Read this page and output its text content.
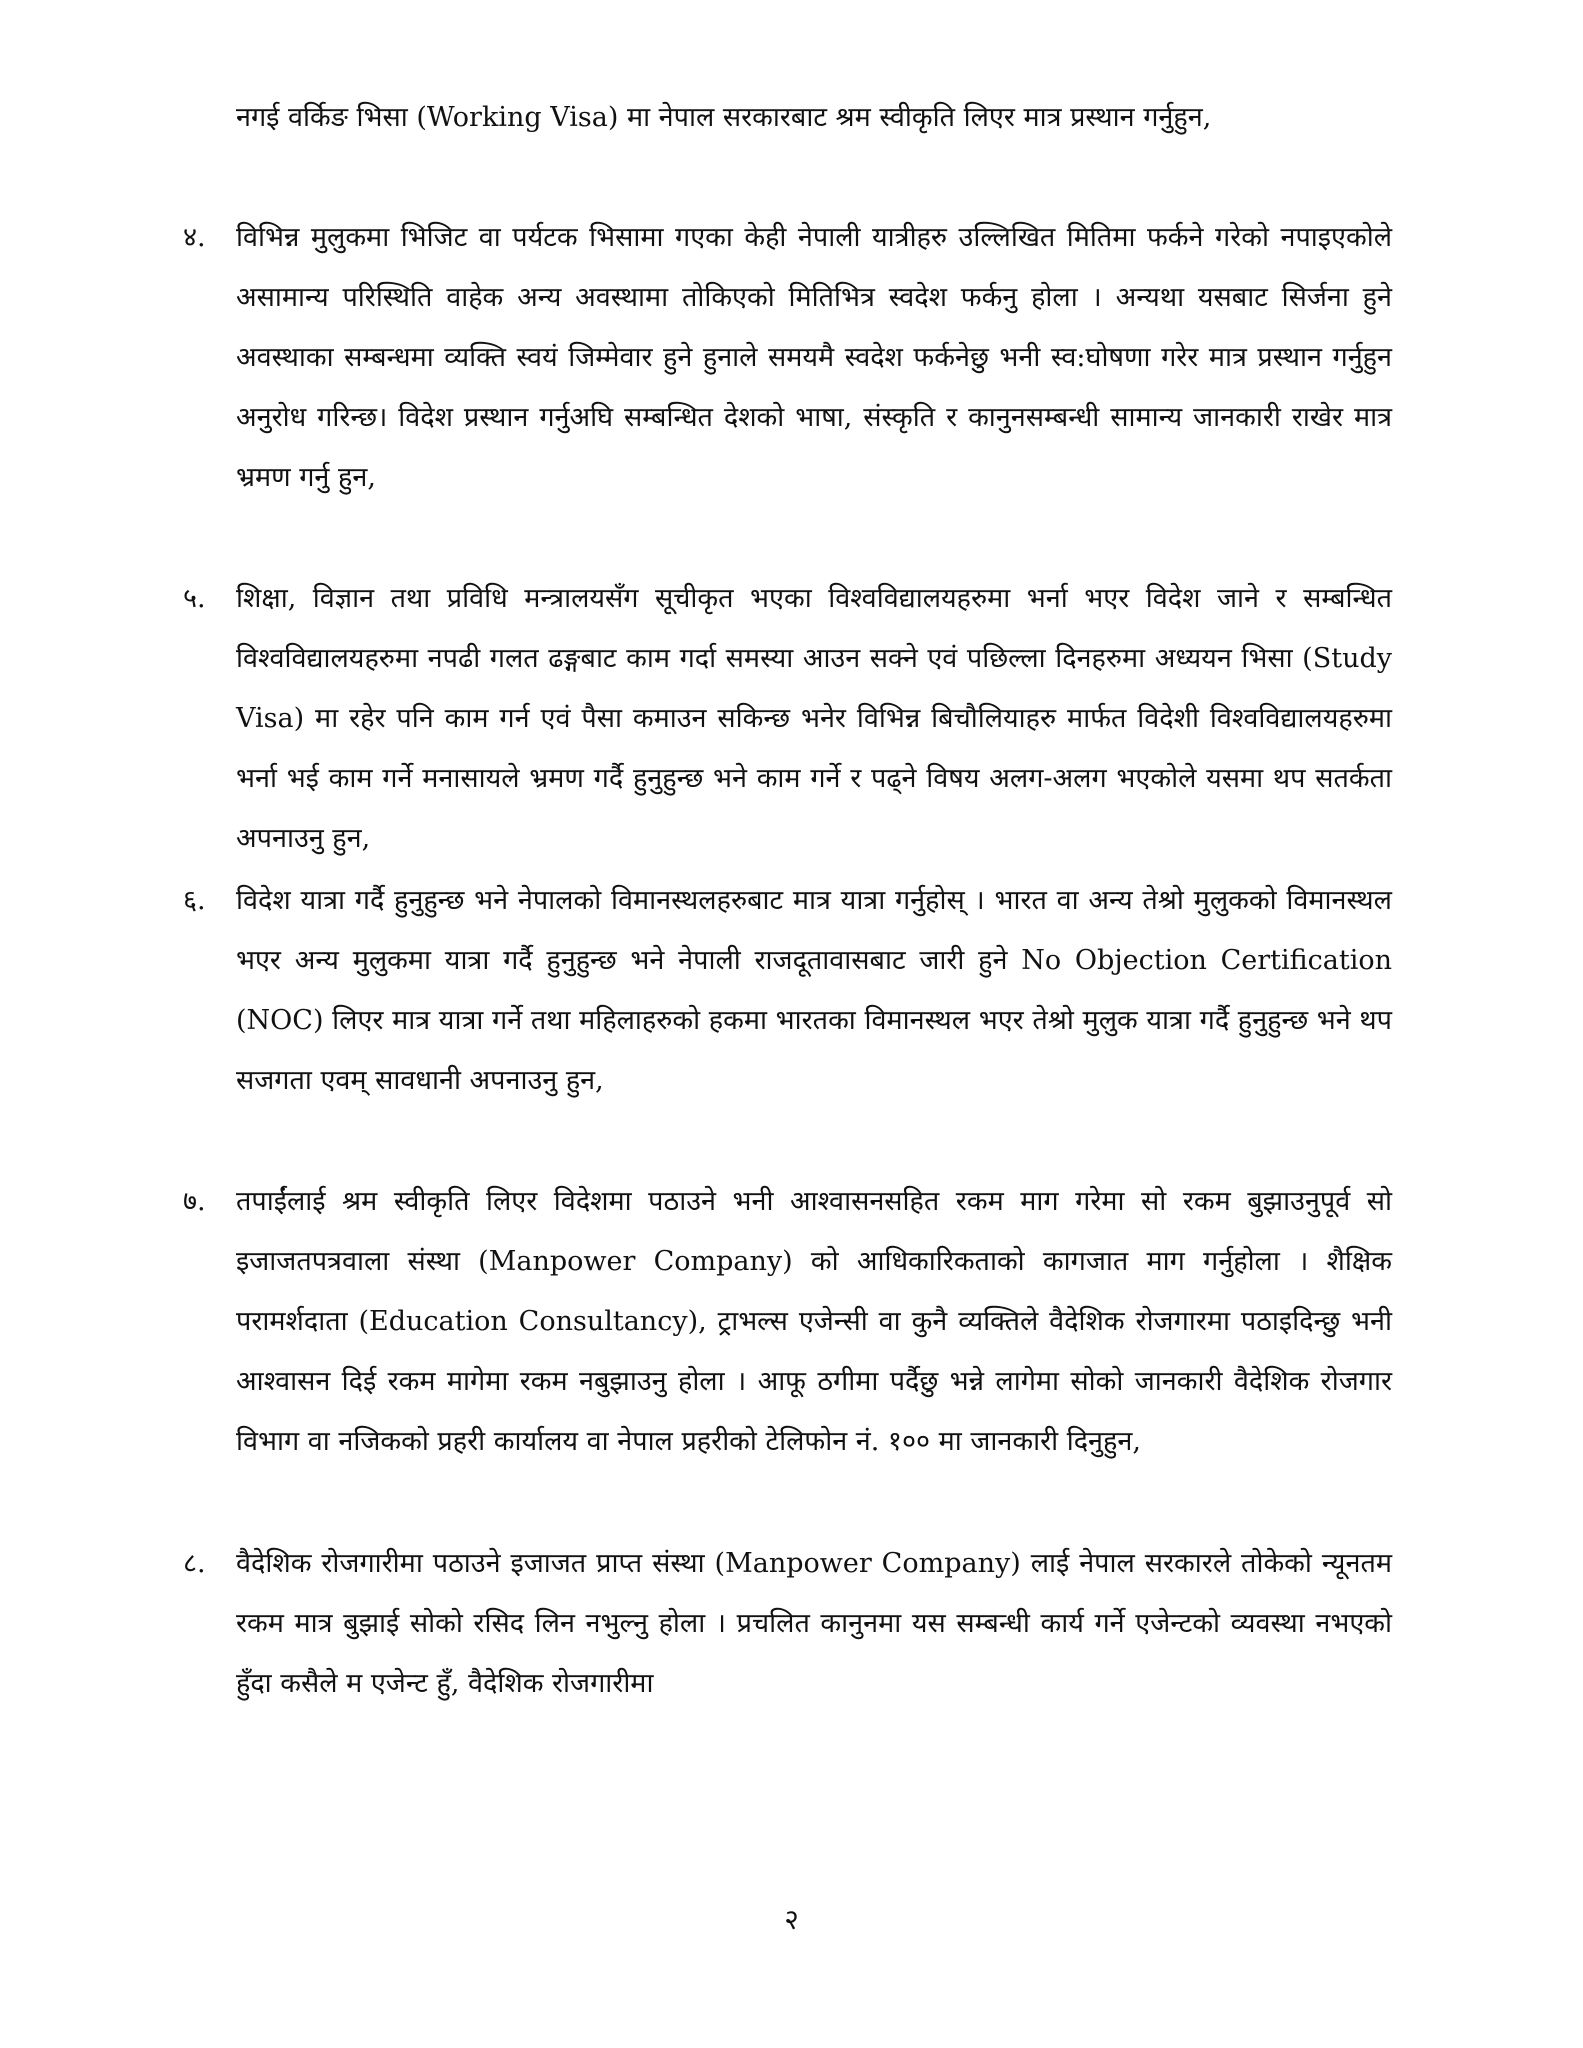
नगई वर्किङ भिसा (Working Visa) मा नेपाल सरकारबाट श्रम स्वीकृति लिएर मात्र प्रस्थान गर्नुहुन,

४.	विभिन्न मुलुकमा भिजिट वा पर्यटक भिसामा गएका केही नेपाली यात्रीहरु उल्लिखित मितिमा फर्कने गरेको नपाइएकोले असामान्य परिस्थिति वाहेक अन्य अवस्थामा तोकिएको मितिभित्र स्वदेश फर्कनु होला । अन्यथा यसबाट सिर्जना हुने अवस्थाका सम्बन्धमा व्यक्ति स्वयं जिम्मेवार हुने हुनाले समयमै स्वदेश फर्कनेछु भनी स्व:घोषणा गरेर मात्र प्रस्थान गर्नुहुन अनुरोध गरिन्छ। विदेश प्रस्थान गर्नुअघि सम्बन्धित देशको भाषा, संस्कृति र कानुनसम्बन्धी सामान्य जानकारी राखेर मात्र भ्रमण गर्नु हुन,

५.	शिक्षा, विज्ञान तथा प्रविधि मन्त्रालयसँग सूचीकृत भएका विश्वविद्यालयहरुमा भर्ना भएर विदेश जाने र सम्बन्धित विश्वविद्यालयहरुमा नपढी गलत ढङ्गबाट काम गर्दा समस्या आउन सक्ने एवं पछिल्ला दिनहरुमा अध्ययन भिसा (Study Visa) मा रहेर पनि काम गर्न एवं पैसा कमाउन सकिन्छ भनेर विभिन्न बिचौलियाहरु मार्फत विदेशी विश्वविद्यालयहरुमा भर्ना भई काम गर्ने मनासायले भ्रमण गर्दै हुनुहुन्छ भने काम गर्ने र पढ्ने विषय अलग-अलग भएकोले यसमा थप सतर्कता अपनाउनु हुन,

६.	विदेश यात्रा गर्दै हुनुहुन्छ भने नेपालको विमानस्थलहरुबाट मात्र यात्रा गर्नुहोस् । भारत वा अन्य तेश्रो मुलुकको विमानस्थल भएर अन्य मुलुकमा यात्रा गर्दै हुनुहुन्छ भने नेपाली राजदूतावासबाट जारी हुने No Objection Certification (NOC) लिएर मात्र यात्रा गर्ने तथा महिलाहरुको हकमा भारतका विमानस्थल भएर तेश्रो मुलुक यात्रा गर्दै हुनुहुन्छ भने थप सजगता एवम् सावधानी अपनाउनु हुन,

७.	तपाईंलाई श्रम स्वीकृति लिएर विदेशमा पठाउने भनी आश्वासनसहित रकम माग गरेमा सो रकम बुझाउनुपूर्व सो इजाजतपत्रवाला संस्था (Manpower Company) को आधिकारिकताको कागजात माग गर्नुहोला । शैक्षिक परामर्शदाता (Education Consultancy), ट्राभल्स एजेन्सी वा कुनै व्यक्तिले वैदेशिक रोजगारमा पठाइदिन्छु भनी आश्वासन दिई रकम मागेमा रकम नबुझाउनु होला । आफू ठगीमा पर्दैछु भन्ने लागेमा सोको जानकारी वैदेशिक रोजगार विभाग वा नजिकको प्रहरी कार्यालय वा नेपाल प्रहरीको टेलिफोन नं. १०० मा जानकारी दिनुहुन,

८.	वैदेशिक रोजगारीमा पठाउने इजाजत प्राप्त संस्था (Manpower Company) लाई नेपाल सरकारले तोकेको न्यूनतम रकम मात्र बुझाई सोको रसिद लिन नभुल्नु होला । प्रचलित कानुनमा यस सम्बन्धी कार्य गर्ने एजेन्टको व्यवस्था नभएको हुँदा कसैले म एजेन्ट हुँ, वैदेशिक रोजगारीमा

२
